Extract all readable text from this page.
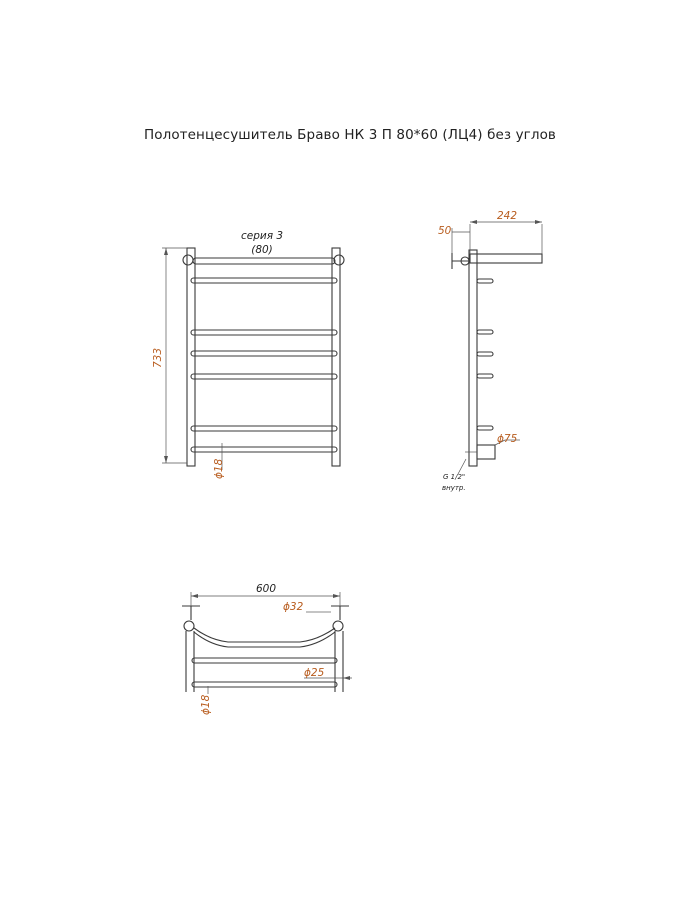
Полотенцесушитель Браво НК 3 П 80*60 (ЛЦ4) без углов
733
серия 3
(80)
ϕ18
50
242
ϕ75
G 1/2"
внутр.
600
ϕ32
ϕ25
ϕ18
